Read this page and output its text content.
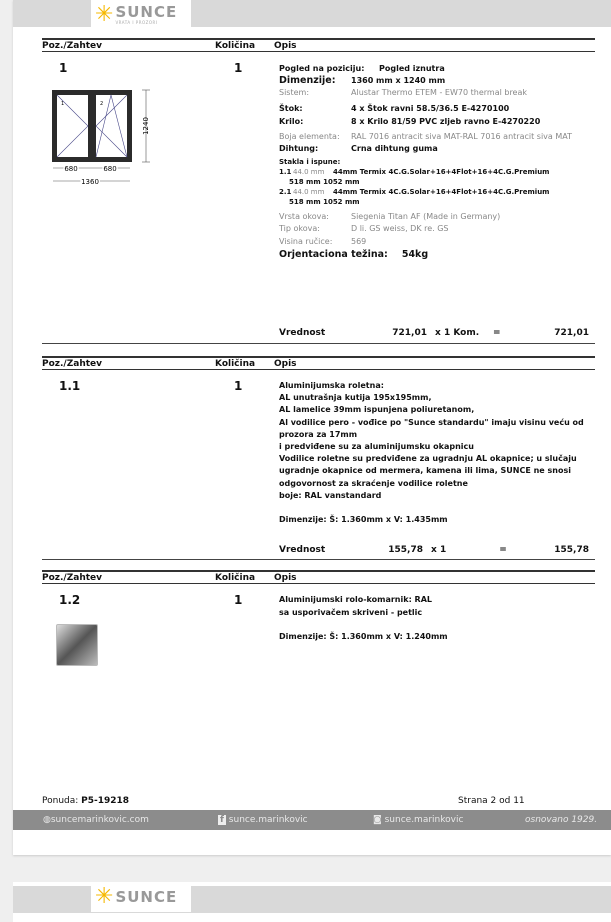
✳ SUNCE
VRATA I PROZORI
Poz./Zahtev	Količina Opis
1	1
1	2
1240
680	680
1360
Pogled na poziciju:	Pogled iznutra
Dimenzije:	1360 mm x 1240 mm
Sistem:	Alustar Thermo ETEM - EW70 thermal break
Štok:	4 x Štok ravni 58.5/36.5 E-4270100
Krilo:	8 x Krilo 81/59 PVC zljeb ravno E-4270220
Boja elementa:	RAL 7016 antracit siva MAT-RAL 7016 antracit siva MAT
Dihtung:	Crna dihtung guma
Stakla i ispune:
1.1 44.0 mm	44mm Termix 4C.G.Solar+16+4Flot+16+4C.G.Premium
518 mm 1052 mm
2.1 44.0 mm	44mm Termix 4C.G.Solar+16+4Flot+16+4C.G.Premium
518 mm 1052 mm
Vrsta okova:	Siegenia Titan AF (Made in Germany)
Tip okova:	D li. GS weiss, DK re. GS
Visina ručice:	569
Orjentaciona težina:	54kg
Vrednost	721,01 x 1 Kom.	=	721,01
Poz./Zahtev	Količina Opis
1.1	1	Aluminijumska roletna:
AL unutrašnja kutija 195x195mm,
AL lamelice 39mm ispunjena poliuretanom,
Al vodilice pero - vođice po "Sunce standardu" imaju visinu veću od prozora za 17mm
i predviđene su za aluminijumsku okapnicu
Vodilice roletne su predviđene za ugradnju AL okapnice; u slučaju ugradnje okapnice od mermera, kamena ili lima, SUNCE ne snosi odgovornost za skraćenje vodilice roletne
boje: RAL vanstandard
Dimenzije: Š: 1.360mm x V: 1.435mm
Vrednost	155,78 x 1	=	155,78
Poz./Zahtev	Količina Opis
1.2	1	Aluminijumski rolo-komarnik: RAL
sa usporivačem skriveni - petlic
Dimenzije: Š: 1.360mm x V: 1.240mm
Ponuda: P5-19218	Strana 2 od 11
◍suncemarinkovic.com	f sunce.marinkovic	◙ sunce.marinkovic	osnovano 1929.
✳ SUNCE
